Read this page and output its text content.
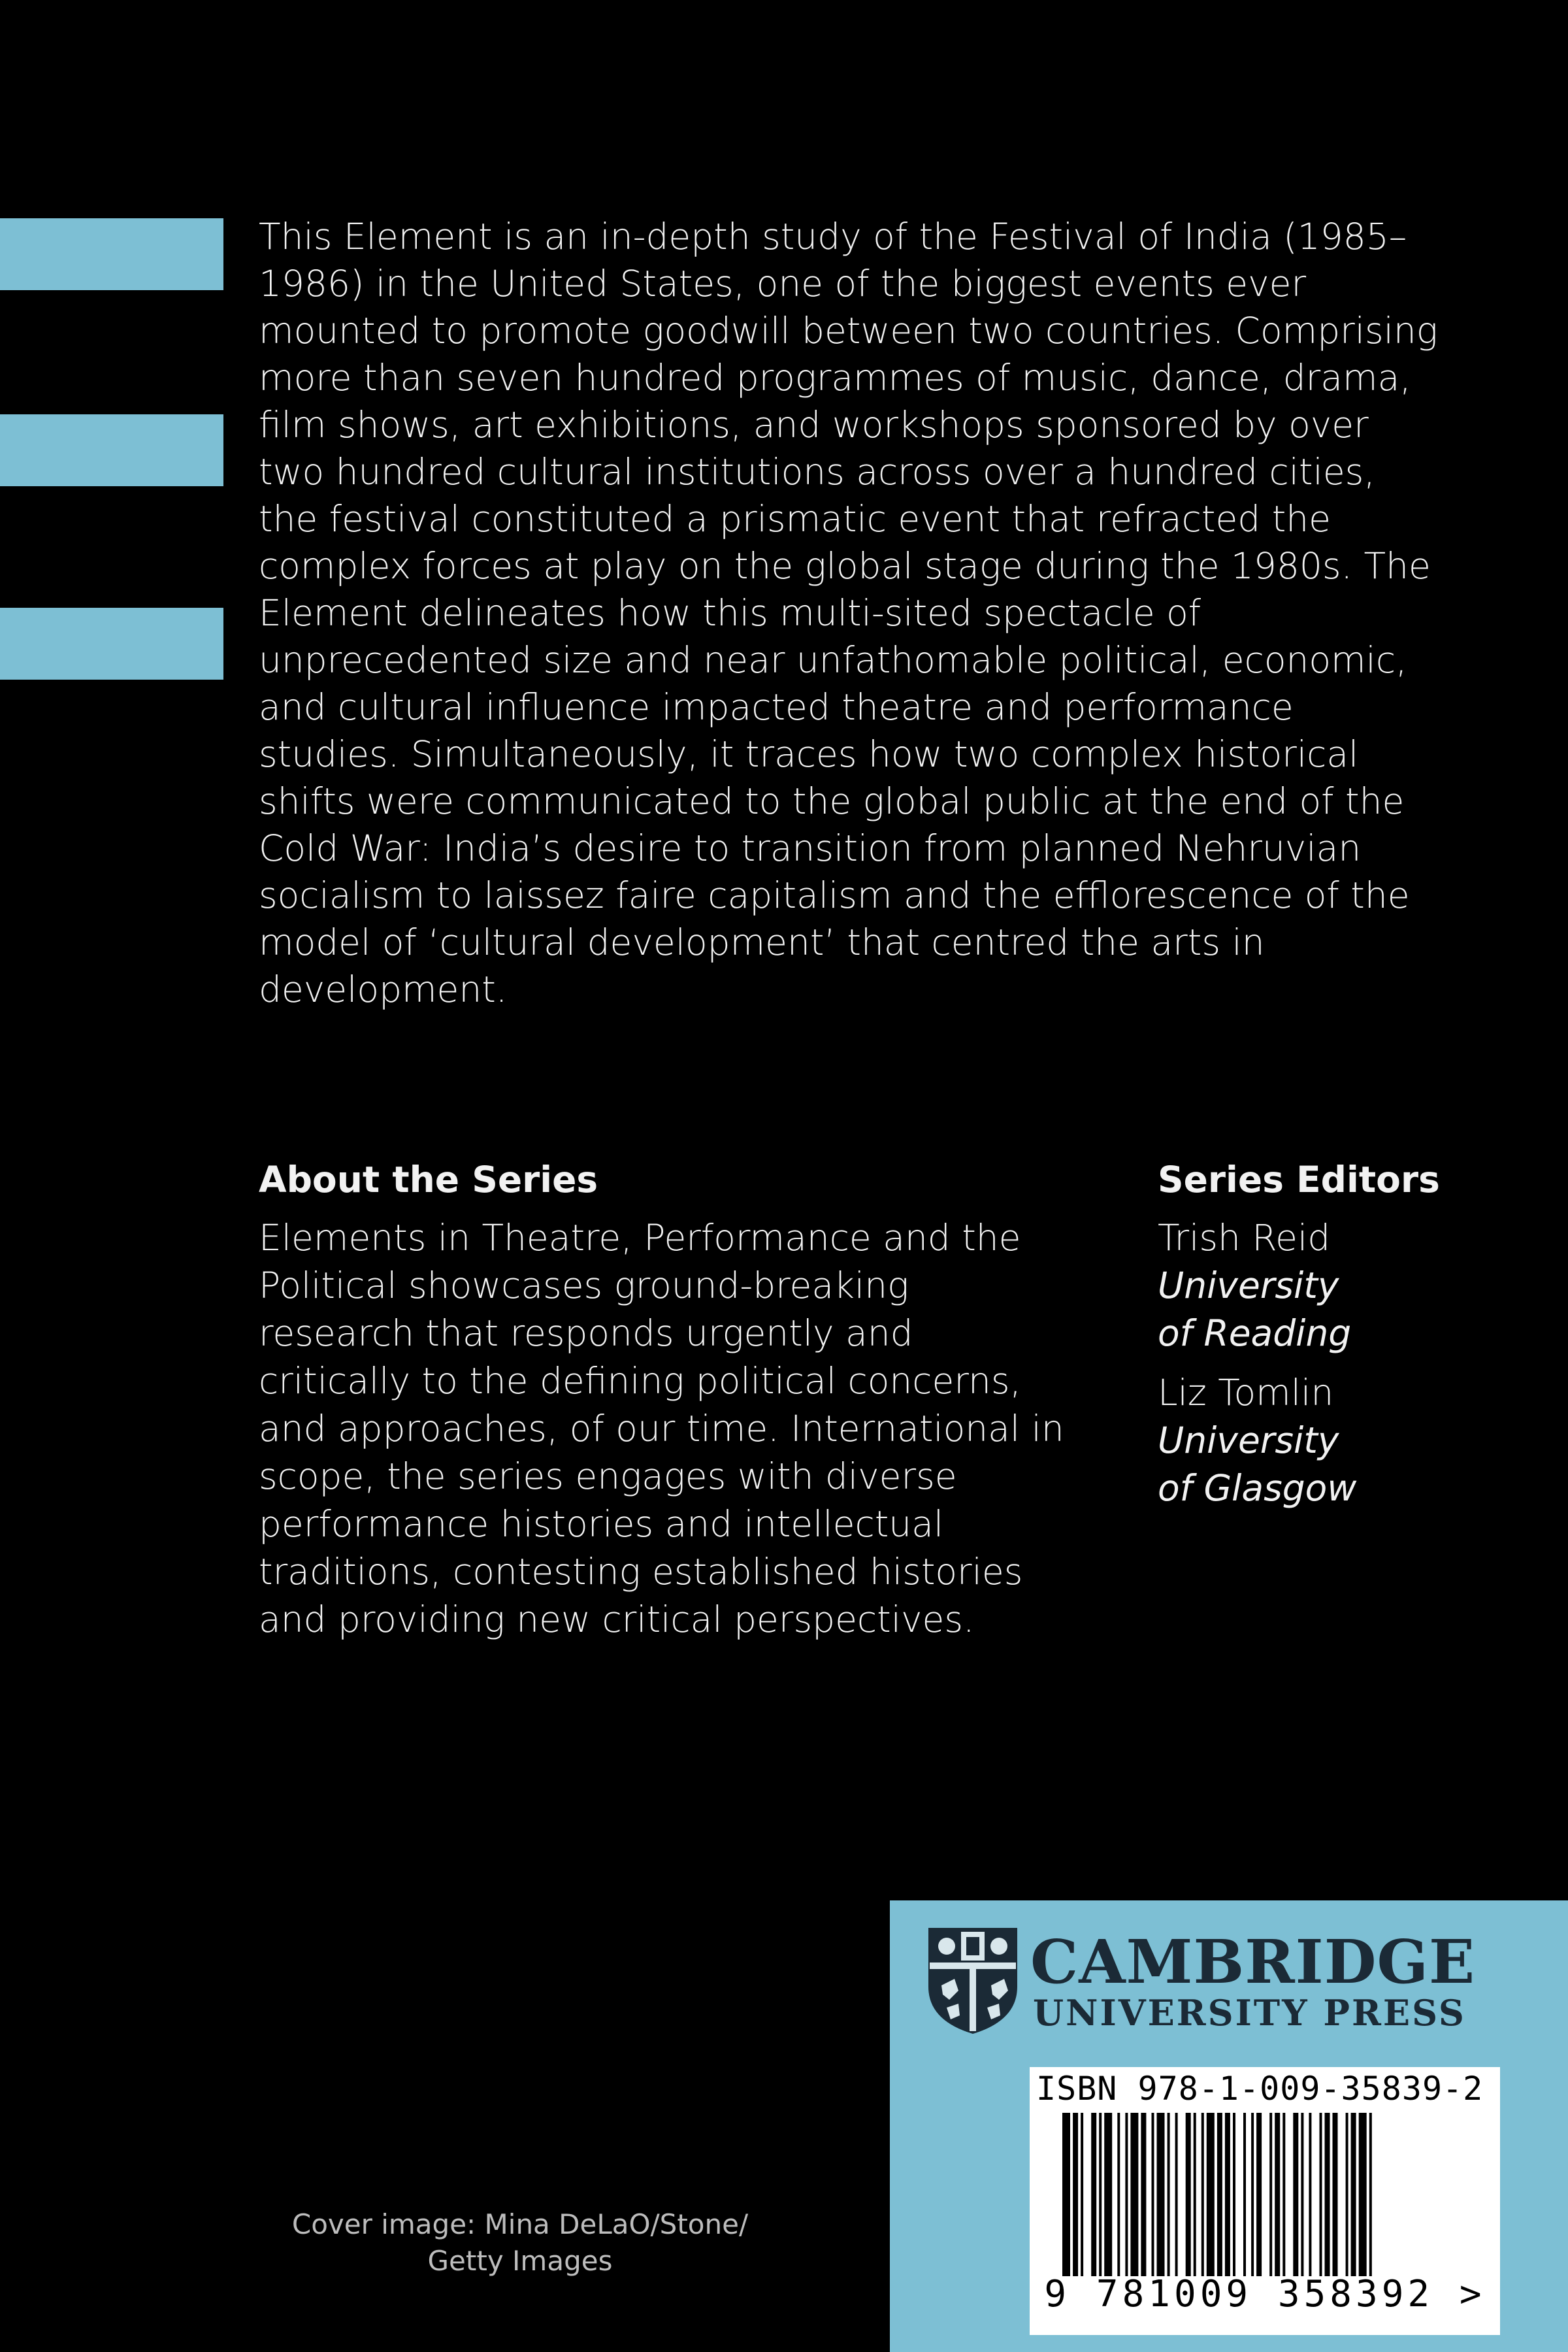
This Element is an in-depth study of the Festival of India (1985–1986) in the United States, one of the biggest events ever mounted to promote goodwill between two countries. Comprising more than seven hundred programmes of music, dance, drama, film shows, art exhibitions, and workshops sponsored by over two hundred cultural institutions across over a hundred cities, the festival constituted a prismatic event that refracted the complex forces at play on the global stage during the 1980s. The Element delineates how this multi-sited spectacle of unprecedented size and near unfathomable political, economic, and cultural influence impacted theatre and performance studies. Simultaneously, it traces how two complex historical shifts were communicated to the global public at the end of the Cold War: India’s desire to transition from planned Nehruvian socialism to laissez faire capitalism and the efflorescence of the model of ‘cultural development’ that centred the arts in development.

About the Series

Elements in Theatre, Performance and the Political showcases ground-breaking research that responds urgently and critically to the defining political concerns, and approaches, of our time. International in scope, the series engages with diverse performance histories and intellectual traditions, contesting established histories and providing new critical perspectives.

Series Editors
Trish Reid
University
of Reading
Liz Tomlin
University
of Glasgow
Cover image: Mina DeLaO/Stone/
Getty Images
CAMBRIDGE
UNIVERSITY PRESS
ISBN 978-1-009-35839-2
9 781009 358392 >
